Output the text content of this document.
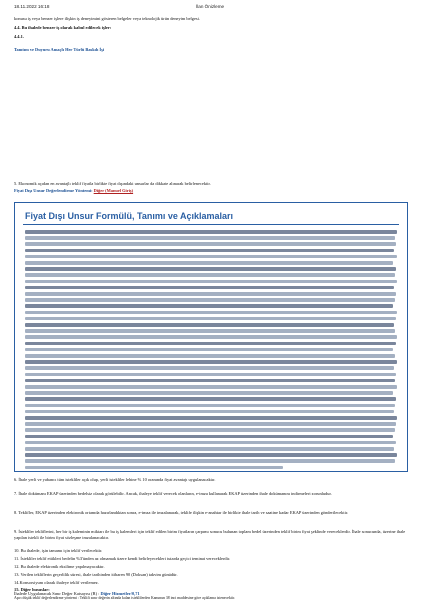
18.11.2022 16:18	İlan Önizleme
konusu iş veya benzer işlere ilişkin iş deneyimini gösteren belgeler veya teknolojik ürün deneyim belgesi.
4.4. Bu ihalede benzer iş olarak kabul edilecek işler:
4.4.1.
Tanıtım ve Duyuru Amaçlı Her Türlü Baskılı İşi
5. Ekonomik açıdan en avantajlı teklif fiyatla birlikte fiyat dışındaki unsurlar da dikkate alınarak belirlenecektir.
Fiyat Dışı Unsur Değerlendirme Yöntemi: Diğer (Manuel Giriş)
Fiyat Dışı Unsur Formülü, Tanımı ve Açıklamaları
6. İhale yerli ve yabancı tüm istekliler açık olup, yerli istekliler lehine % 10 oranında fiyat avantajı uygulanacaktır.
7. İhale dokümanı EKAP üzerinden bedelsiz olarak görülebilir. Ancak, ihaleye teklif verecek olanların, e-imza kullanarak EKAP üzerinden ihale dokümanını indirmeleri zorunludur.
8. Teklifler, EKAP üzerinden elektronik ortamda hazırlandıktan sonra, e-imza ile imzalanarak, teklife ilişkin e-anahtar ile birlikte ihale tarih ve saatine kadar EKAP üzerinden gönderilecektir.
9. İstekliler tekliflerini, her bir iş kaleminin miktarı ile bu iş kalemleri için teklif edilen birim fiyatların çarpımı sonucu bulunan toplam bedel üzerinden teklif birim fiyat şeklinde vereceklerdir. İhale sonucunda, üzerine ihale yapılan istekli ile birim fiyat sözleşme imzalanacaktır.
10. Bu ihalede, işin tamamı için teklif verilecektir.
11. İstekliler teklif ettikleri bedelin %3'ünden az olmamak üzere kendi belirleyecekleri tutarda geçici teminat vereceklerdir.
12. Bu ihalede elektronik eksiltme yapılmayacaktır.
13. Verilen tekliflerin geçerlilik süresi, ihale tarihinden itibaren 90 (Doksan) takvim günüdür.
14.Konsorsiyum olarak ihaleye teklif verilemez.
15. Diğer hususlar:
İhalede Uygulanacak Sınır Değer Katsayısı (R) : Diğer Hizmetler/0,71
Aşırı düşük teklif değerlendirme yöntemi : Teklifi sınır değerin altında kalan isteklilerden Kanunun 38 inci maddesine göre açıklama istenecektir.
